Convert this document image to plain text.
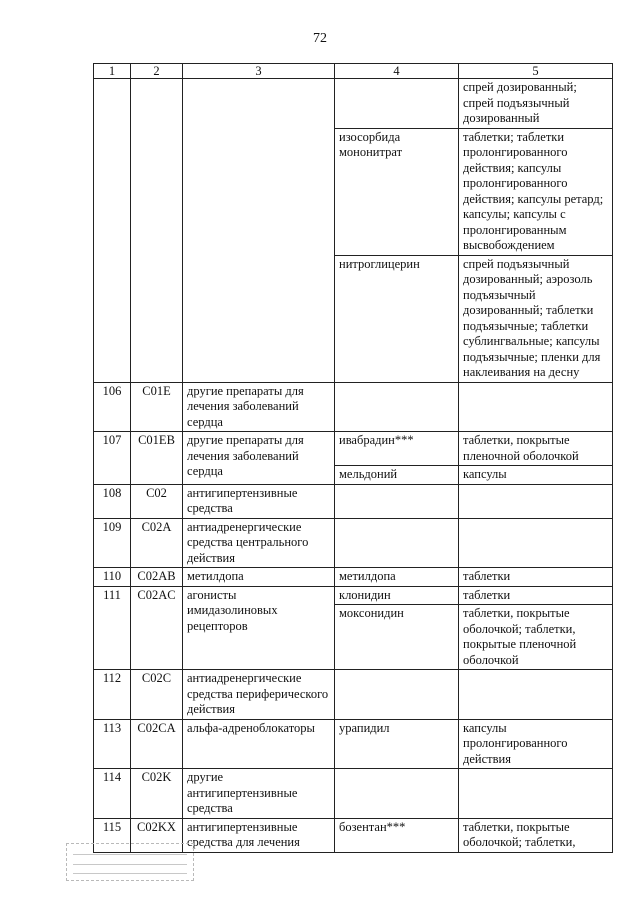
72
1	2	3	4	5
				спрей дозированный; спрей подъязычный дозированный
			изосорбида мононитрат	таблетки; таблетки пролонгированного действия; капсулы пролонгированного действия; капсулы ретард; капсулы; капсулы с пролонгированным высвобождением
			нитроглицерин	спрей подъязычный дозированный; аэрозоль подъязычный дозированный; таблетки подъязычные; таблетки сублингвальные; капсулы подъязычные; пленки для наклеивания на десну
106	C01E	другие препараты для лечения заболеваний сердца		
107	C01EB	другие препараты для лечения заболеваний сердца	ивабрадин***	таблетки, покрытые пленочной оболочкой
			мельдоний	капсулы
108	C02	антигипертензивные средства		
109	C02A	антиадренергические средства центрального действия		
110	C02AB	метилдопа	метилдопа	таблетки
111	C02AC	агонисты имидазолиновых рецепторов	клонидин	таблетки
			моксонидин	таблетки, покрытые оболочкой; таблетки, покрытые пленочной оболочкой
112	C02C	антиадренергические средства периферического действия		
113	C02CA	альфа-адреноблокаторы	урапидил	капсулы пролонгированного действия
114	C02K	другие антигипертензивные средства		
115	C02KX	антигипертензивные средства для лечения	бозентан***	таблетки, покрытые оболочкой; таблетки,
